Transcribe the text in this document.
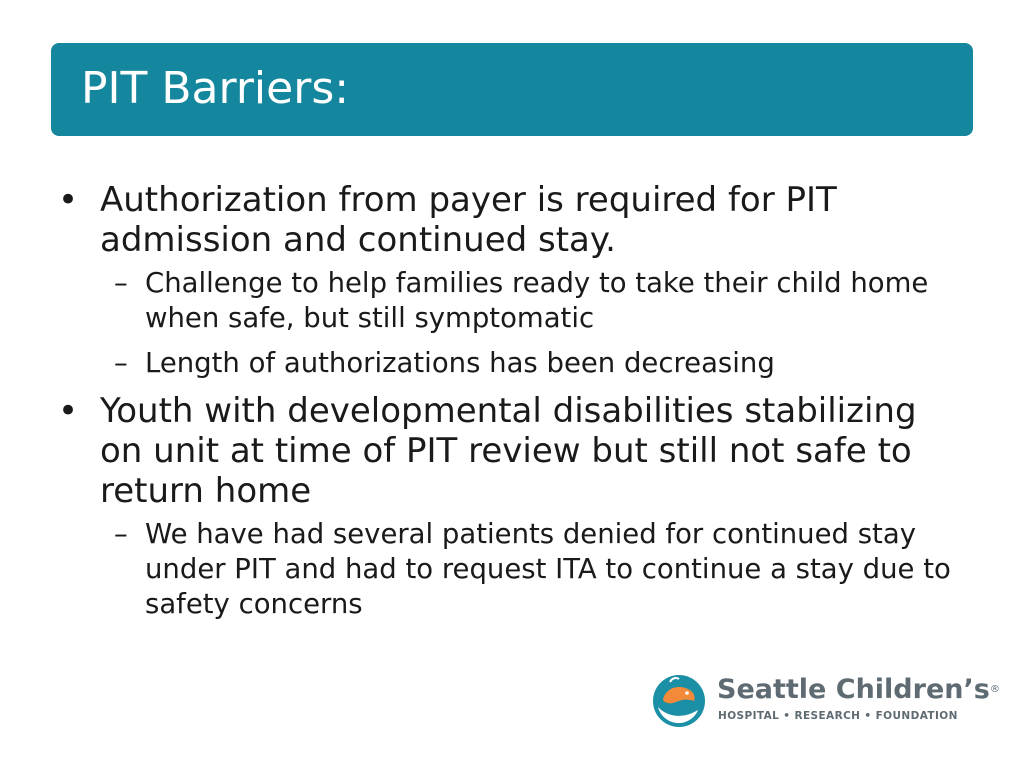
PIT Barriers:
• Authorization from payer is required for PIT admission and continued stay.
– Challenge to help families ready to take their child home when safe, but still symptomatic
– Length of authorizations has been decreasing
• Youth with developmental disabilities stabilizing on unit at time of PIT review but still not safe to return home
– We have had several patients denied for continued stay under PIT and had to request ITA to continue a stay due to safety concerns
Seattle Children’s®
HOSPITAL • RESEARCH • FOUNDATION
